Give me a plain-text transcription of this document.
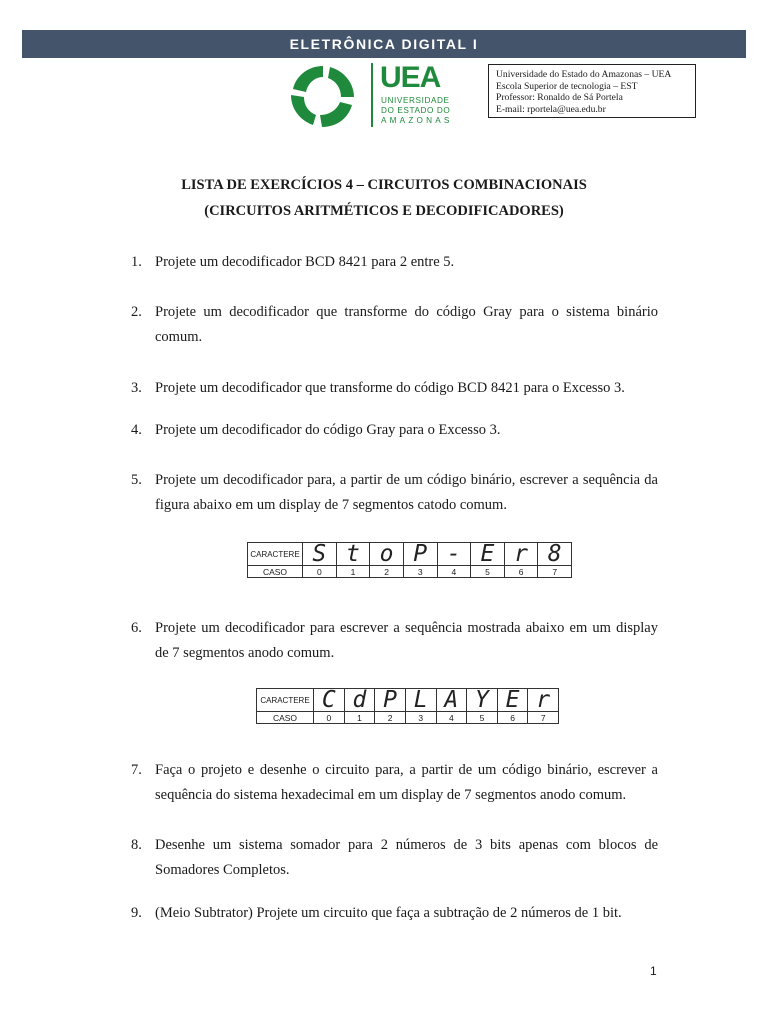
ELETRÔNICA DIGITAL I
UEA
UNIVERSIDADE
DO ESTADO DO
AMAZONAS
Universidade do Estado do Amazonas – UEA
Escola Superior de tecnologia – EST
Professor: Ronaldo de Sá Portela
E-mail: rportela@uea.edu.br
LISTA DE EXERCÍCIOS 4 – CIRCUITOS COMBINACIONAIS
(CIRCUITOS ARITMÉTICOS E DECODIFICADORES)
1. Projete um decodificador BCD 8421 para 2 entre 5.
2. Projete um decodificador que transforme do código Gray para o sistema binário comum.
3. Projete um decodificador que transforme do código BCD 8421 para o Excesso 3.
4. Projete um decodificador do código Gray para o Excesso 3.
5. Projete um decodificador para, a partir de um código binário, escrever a sequência da figura abaixo em um display de 7 segmentos catodo comum.
CARACTERE	S	t	o	P	-	E	r	8
CASO	0	1	2	3	4	5	6	7
6. Projete um decodificador para escrever a sequência mostrada abaixo em um display de 7 segmentos anodo comum.
CARACTERE	C	d	P	L	A	Y	E	r
CASO	0	1	2	3	4	5	6	7
7. Faça o projeto e desenhe o circuito para, a partir de um código binário, escrever a sequência do sistema hexadecimal em um display de 7 segmentos anodo comum.
8. Desenhe um sistema somador para 2 números de 3 bits apenas com blocos de Somadores Completos.
9. (Meio Subtrator) Projete um circuito que faça a subtração de 2 números de 1 bit.
1
